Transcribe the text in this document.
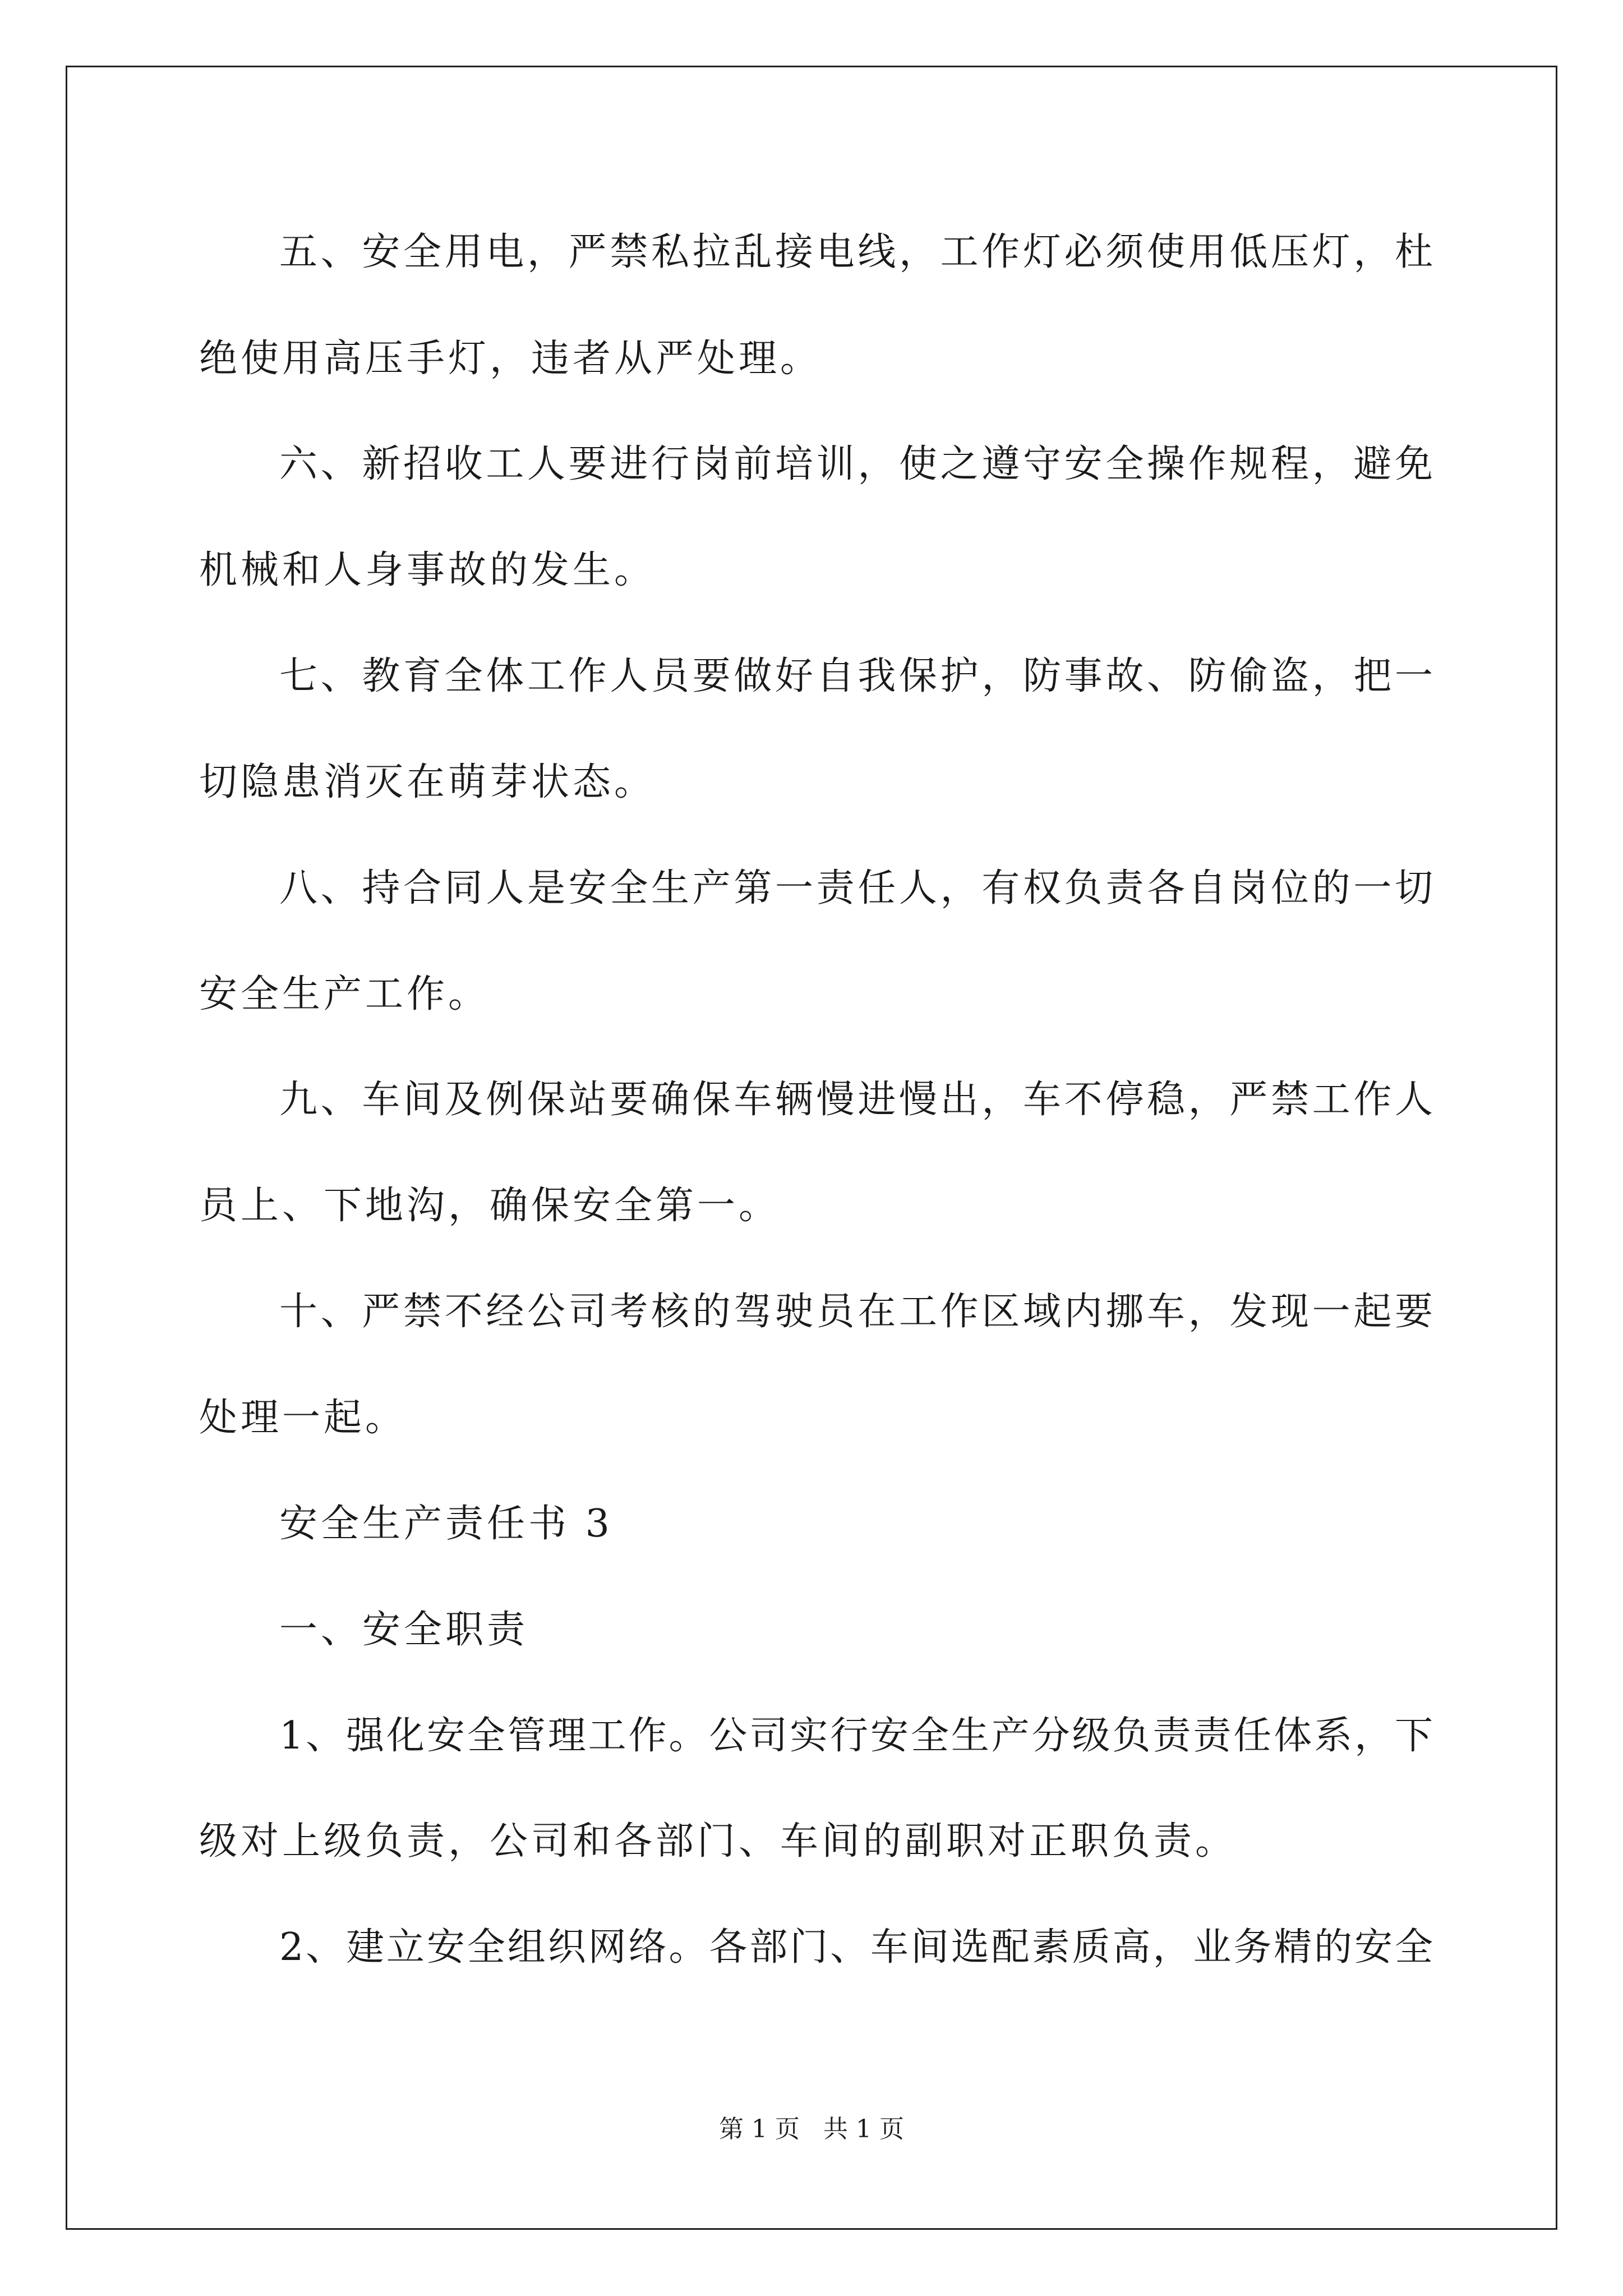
五、安全用电，严禁私拉乱接电线，工作灯必须使用低压灯，杜
绝使用高压手灯，违者从严处理。
六、新招收工人要进行岗前培训，使之遵守安全操作规程，避免
机械和人身事故的发生。
七、教育全体工作人员要做好自我保护，防事故、防偷盗，把一
切隐患消灭在萌芽状态。
八、持合同人是安全生产第一责任人，有权负责各自岗位的一切
安全生产工作。
九、车间及例保站要确保车辆慢进慢出，车不停稳，严禁工作人
员上、下地沟，确保安全第一。
十、严禁不经公司考核的驾驶员在工作区域内挪车，发现一起要
处理一起。
安全生产责任书 3
一、安全职责
1、强化安全管理工作。公司实行安全生产分级负责责任体系，下
级对上级负责，公司和各部门、车间的副职对正职负责。
2、建立安全组织网络。各部门、车间选配素质高，业务精的安全
第 1 页   共 1 页
